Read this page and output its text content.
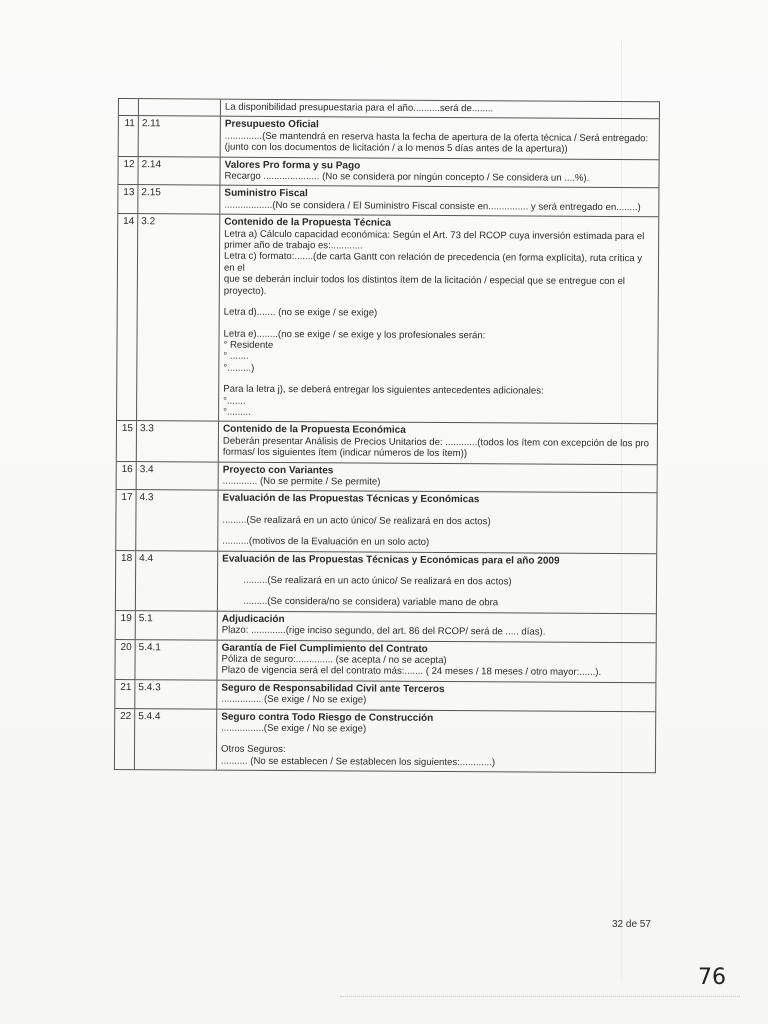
La disponibilidad presupuestaria para el año..........será de........
11 2.11	Presupuesto Oficial
..............(Se mantendrá en reserva hasta la fecha de apertura de la oferta técnica / Será entregado:
(junto con los documentos de licitación / a lo menos 5 días antes de la apertura))
12 2.14	Valores Pro forma y su Pago
Recargo ..................... (No se considera por ningún concepto / Se considera un ....%).
13 2.15	Suministro Fiscal
..................(No se considera / El Suministro Fiscal consiste en............... y será entregado en........)
14 3.2	Contenido de la Propuesta Técnica
Letra a) Cálculo capacidad económica: Según el Art. 73 del RCOP cuya inversión estimada para el
primer año de trabajo es:............
Letra c) formato:.......(de carta Gantt con relación de precedencia (en forma explícita), ruta crítica y en el
que se deberán incluir todos los distintos ítem de la licitación / especial que se entregue con el proyecto).
Letra d)....... (no se exige / se exige)
Letra e)........(no se exige / se exige y los profesionales serán:
° Residente
° .......
°.........)
Para la letra j), se deberá entregar los siguientes antecedentes adicionales:
°.......
°.........
15 3.3	Contenido de la Propuesta Económica
Deberán presentar Análisis de Precios Unitarios de: ............(todos los ítem con excepción de los pro
formas/ los siguientes ítem (indicar números de los ítem))
16 3.4	Proyecto con Variantes
............. (No se permite / Se permite)
17 4.3	Evaluación de las Propuestas Técnicas y Económicas
.........(Se realizará en un acto único/ Se realizará en dos actos)
..........(motivos de la Evaluación en un solo acto)
18 4.4	Evaluación de las Propuestas Técnicas y Económicas para el año 2009
.........(Se realizará en un acto único/ Se realizará en dos actos)
.........(Se considera/no se considera) variable mano de obra
19 5.1	Adjudicación
Plazo: .............(rige inciso segundo, del art. 86 del RCOP/ será de ..... días).
20 5.4.1	Garantía de Fiel Cumplimiento del Contrato
Póliza de seguro:.............. (se acepta / no se acepta)
Plazo de vigencia será el del contrato más:....... ( 24 meses / 18 meses / otro mayor:......).
21 5.4.3	Seguro de Responsabilidad Civil ante Terceros
............... (Se exige / No se exige)
22 5.4.4	Seguro contra Todo Riesgo de Construcción
................(Se exige / No se exige)
Otros Seguros:
.......... (No se establecen / Se establecen los siguientes:............)
32 de 57
76
